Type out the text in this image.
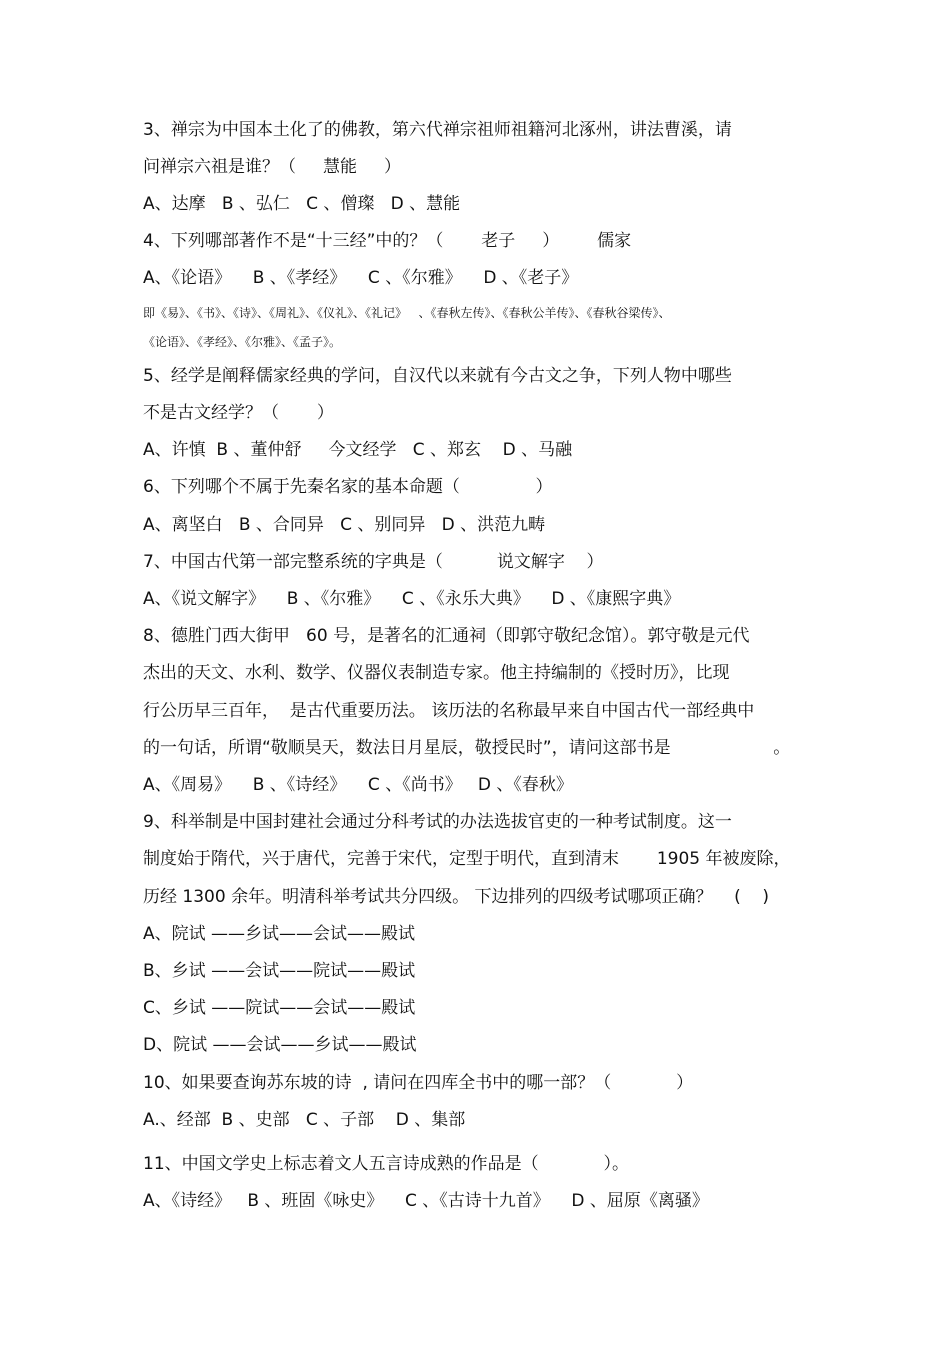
3、禅宗为中国本土化了的佛教，第六代禅宗祖师祖籍河北涿州，讲法曹溪，请
问禅宗六祖是谁？（     慧能     ）
A、达摩   B 、弘仁   C 、僧璨   D 、慧能
4、下列哪部著作不是“十三经”中的？（       老子     ）       儒家
A、《论语》    B 、《孝经》    C 、《尔雅》    D 、《老子》
即《易》、《书》、《诗》、《周礼》、《仪礼》、《礼记》   、《春秋左传》、《春秋公羊传》、《春秋谷梁传》、
《论语》、《孝经》、《尔雅》、《孟子》。
5、经学是阐释儒家经典的学问，自汉代以来就有今古文之争，下列人物中哪些
不是古文经学？（       ）
A、许慎  B 、董仲舒     今文经学   C 、郑玄    D 、马融
6、下列哪个不属于先秦名家的基本命题（              ）
A、离坚白   B 、合同异   C 、别同异   D 、洪范九畴
7、中国古代第一部完整系统的字典是（          说文解字    ）
A、《说文解字》    B 、《尔雅》    C 、《永乐大典》    D 、《康熙字典》
8、德胜门西大街甲   60 号，是著名的汇通祠（即郭守敬纪念馆）。郭守敬是元代
杰出的天文、水利、数学、仪器仪表制造专家。他主持编制的《授时历》，比现
行公历早三百年，  是古代重要历法。 该历法的名称最早来自中国古代一部经典中
的一句话，所谓“敬顺昊天，数法日月星辰，敬授民时”，请问这部书是                   。
A、《周易》    B 、《诗经》    C 、《尚书》   D 、《春秋》
9、科举制是中国封建社会通过分科考试的办法选拔官吏的一种考试制度。这一
制度始于隋代，兴于唐代，完善于宋代，定型于明代，直到清末       1905 年被废除，
历经 1300 余年。明清科举考试共分四级。 下边排列的四级考试哪项正确？    (    )
A、院试 ——乡试——会试——殿试
B、乡试 ——会试——院试——殿试
C、乡试 ——院试——会试——殿试
D、院试 ——会试——乡试——殿试
10、如果要查询苏东坡的诗  , 请问在四库全书中的哪一部？（            ）
A.、经部  B 、史部   C 、子部    D 、集部
11、中国文学史上标志着文人五言诗成熟的作品是（            ）。
A、《诗经》   B 、班固《咏史》    C 、《古诗十九首》    D 、屈原《离骚》
